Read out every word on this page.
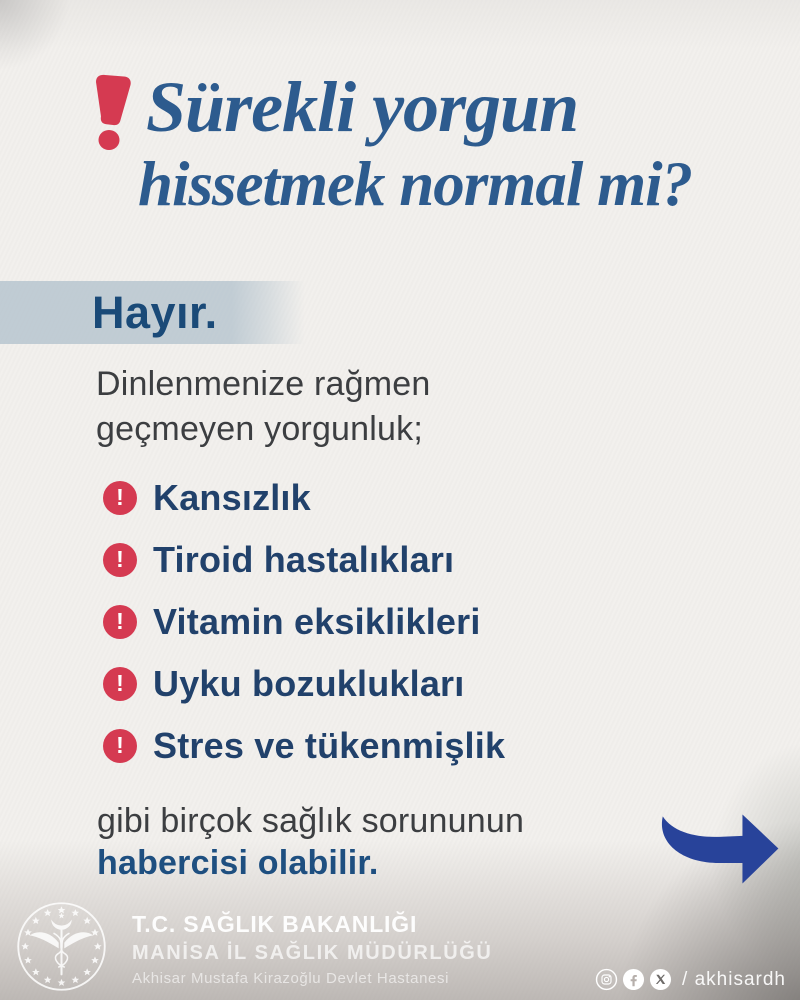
Sürekli yorgun
hissetmek normal mi?
Hayır.
Dinlenmenize rağmen
geçmeyen yorgunluk;
! Kansızlık
! Tiroid hastalıkları
! Vitamin eksiklikleri
! Uyku bozuklukları
! Stres ve tükenmişlik
gibi birçok sağlık sorununun
habercisi olabilir.
T.C. SAĞLIK BAKANLIĞI
MANİSA İL SAĞLIK MÜDÜRLÜĞÜ
Akhisar Mustafa Kirazoğlu Devlet Hastanesi	/ akhisardh
